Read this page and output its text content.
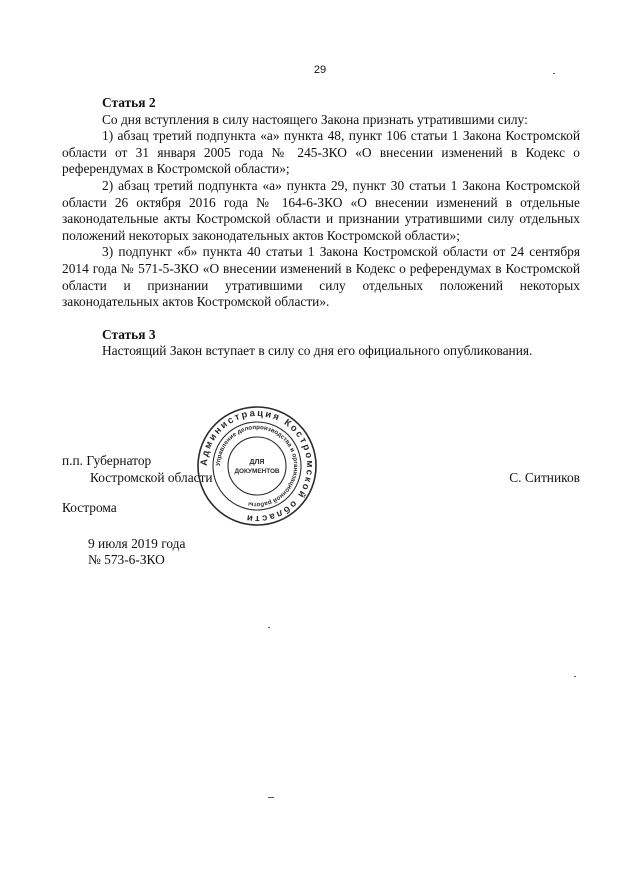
29

Статья 2

Со дня вступления в силу настоящего Закона признать утратившими силу:

1) абзац третий подпункта «а» пункта 48, пункт 106 статьи 1 Закона Костромской области от 31 января 2005 года № 245-ЗКО «О внесении изменений в Кодекс о референдумах в Костромской области»;

2) абзац третий подпункта «а» пункта 29, пункт 30 статьи 1 Закона Костромской области 26 октября 2016 года № 164-6-ЗКО «О внесении изменений в отдельные законодательные акты Костромской области и признании утратившими силу отдельных положений некоторых законодательных актов Костромской области»;

3) подпункт «б» пункта 40 статьи 1 Закона Костромской области от 24 сентября 2014 года № 571-5-ЗКО «О внесении изменений в Кодекс о референдумах в Костромской области и признании утратившими силу отдельных положений некоторых законодательных актов Костромской области».

Статья 3

Настоящий Закон вступает в силу со дня его официального опубликования.

п.п. Губернатор

Костромской области	С. Ситников
Администрация Костромской области
Управление делопроизводства и организационной работы
ДЛЯ
ДОКУМЕНТОВ
Кострома
9 июля 2019 года
№ 573-6-ЗКО
